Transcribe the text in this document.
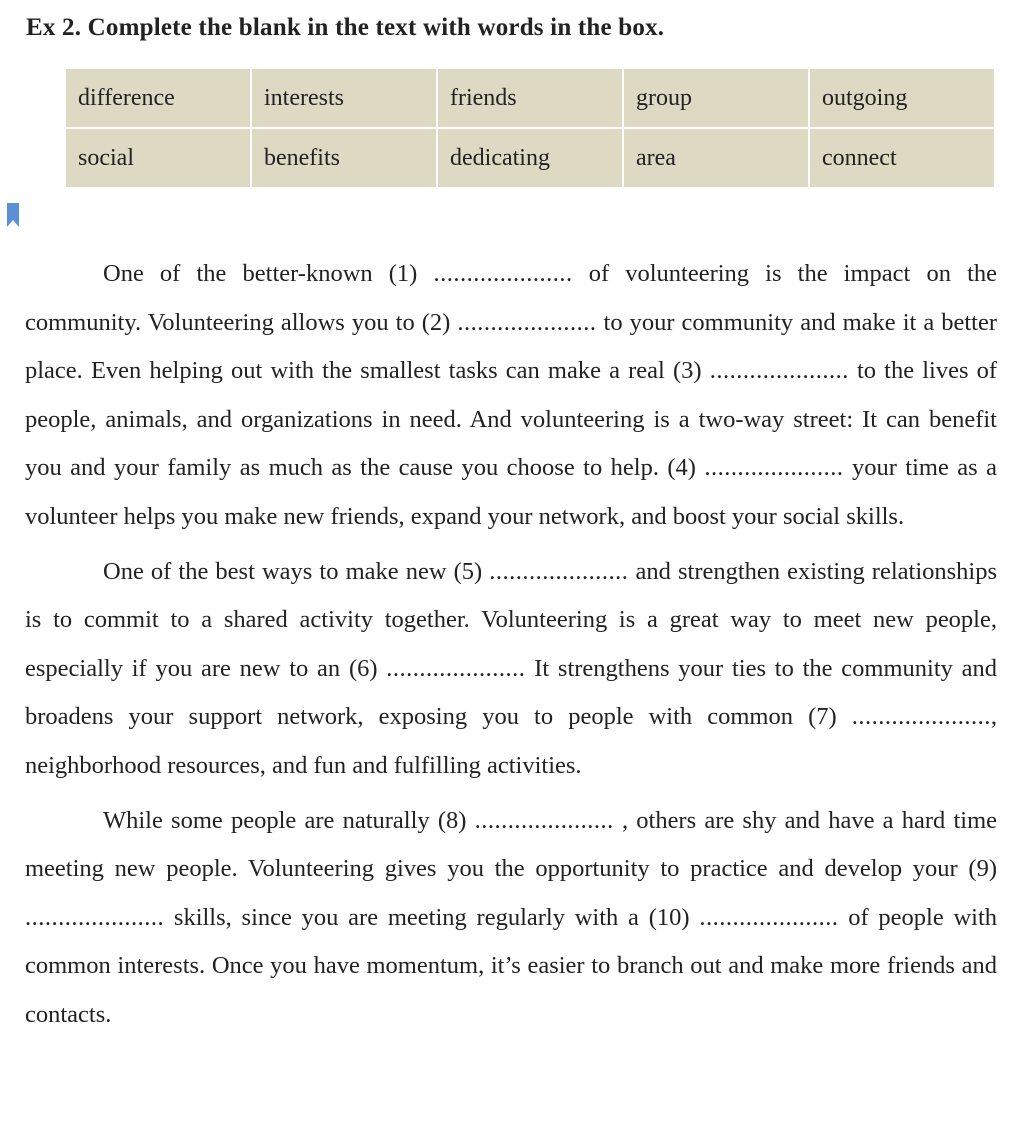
Ex 2. Complete the blank in the text with words in the box.
difference	interests	friends	group	outgoing
social	benefits	dedicating	area	connect

One of the better-known (1) ..................... of volunteering is the impact on the community. Volunteering allows you to (2) ..................... to your community and make it a better place. Even helping out with the smallest tasks can make a real (3) ..................... to the lives of people, animals, and organizations in need. And volunteering is a two-way street: It can benefit you and your family as much as the cause you choose to help. (4) ..................... your time as a volunteer helps you make new friends, expand your network, and boost your social skills.

One of the best ways to make new (5) ..................... and strengthen existing relationships is to commit to a shared activity together. Volunteering is a great way to meet new people, especially if you are new to an (6) ..................... It strengthens your ties to the community and broadens your support network, exposing you to people with common (7) ....................., neighborhood resources, and fun and fulfilling activities.

While some people are naturally (8) ..................... , others are shy and have a hard time meeting new people. Volunteering gives you the opportunity to practice and develop your (9) ..................... skills, since you are meeting regularly with a (10) ..................... of people with common interests. Once you have momentum, it’s easier to branch out and make more friends and contacts.
